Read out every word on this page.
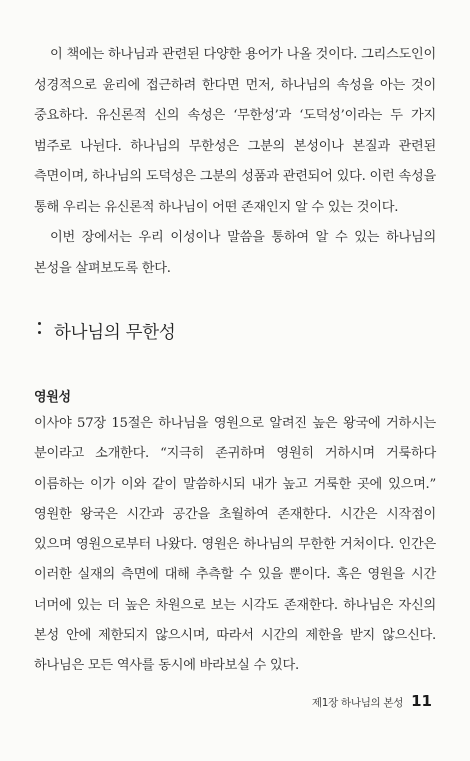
이 책에는 하나님과 관련된 다양한 용어가 나올 것이다. 그리스도인이 성경적으로 윤리에 접근하려 한다면 먼저, 하나님의 속성을 아는 것이 중요하다. 유신론적 신의 속성은 ‘무한성’과 ‘도덕성’이라는 두 가지 범주로 나뉜다. 하나님의 무한성은 그분의 본성이나 본질과 관련된 측면이며, 하나님의 도덕성은 그분의 성품과 관련되어 있다. 이런 속성을 통해 우리는 유신론적 하나님이 어떤 존재인지 알 수 있는 것이다.

이번 장에서는 우리 이성이나 말씀을 통하여 알 수 있는 하나님의 본성을 살펴보도록 한다.

하나님의 무한성
영원성

이사야 57장 15절은 하나님을 영원으로 알려진 높은 왕국에 거하시는 분이라고 소개한다. “지극히 존귀하며 영원히 거하시며 거룩하다 이름하는 이가 이와 같이 말씀하시되 내가 높고 거룩한 곳에 있으며.” 영원한 왕국은 시간과 공간을 초월하여 존재한다. 시간은 시작점이 있으며 영원으로부터 나왔다. 영원은 하나님의 무한한 거처이다. 인간은 이러한 실재의 측면에 대해 추측할 수 있을 뿐이다. 혹은 영원을 시간 너머에 있는 더 높은 차원으로 보는 시각도 존재한다. 하나님은 자신의 본성 안에 제한되지 않으시며, 따라서 시간의 제한을 받지 않으신다. 하나님은 모든 역사를 동시에 바라보실 수 있다.

제1장 하나님의 본성 11
